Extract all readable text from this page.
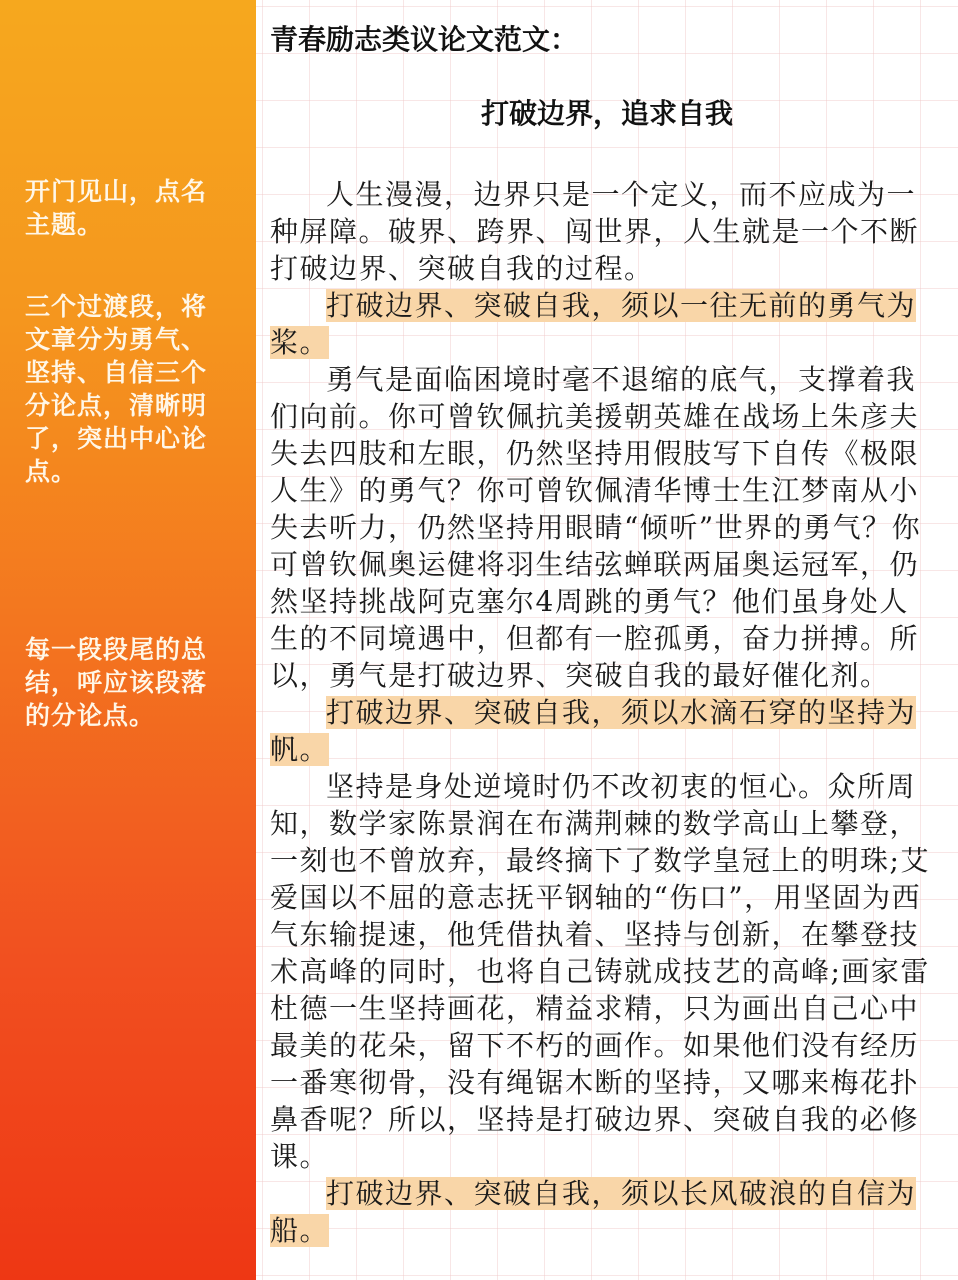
开门见山，点名主题。
三个过渡段，将文章分为勇气、坚持、自信三个分论点，清晰明了，突出中心论点。
每一段段尾的总结，呼应该段落的分论点。
青春励志类议论文范文：
打破边界，追求自我

人生漫漫，边界只是一个定义，而不应成为一种屏障。破界、跨界、闯世界，人生就是一个不断打破边界、突破自我的过程。

打破边界、突破自我，须以一往无前的勇气为桨。

勇气是面临困境时毫不退缩的底气，支撑着我们向前。你可曾钦佩抗美援朝英雄在战场上朱彦夫失去四肢和左眼，仍然坚持用假肢写下自传《极限人生》的勇气？你可曾钦佩清华博士生江梦南从小失去听力，仍然坚持用眼睛“倾听”世界的勇气？你可曾钦佩奥运健将羽生结弦蝉联两届奥运冠军，仍然坚持挑战阿克塞尔4周跳的勇气？他们虽身处人生的不同境遇中，但都有一腔孤勇，奋力拼搏。所以，勇气是打破边界、突破自我的最好催化剂。

打破边界、突破自我，须以水滴石穿的坚持为帆。

坚持是身处逆境时仍不改初衷的恒心。众所周知，数学家陈景润在布满荆棘的数学高山上攀登，一刻也不曾放弃，最终摘下了数学皇冠上的明珠;艾爱国以不屈的意志抚平钢轴的“伤口”，用坚固为西气东输提速，他凭借执着、坚持与创新，在攀登技术高峰的同时，也将自己铸就成技艺的高峰;画家雷杜德一生坚持画花，精益求精，只为画出自己心中最美的花朵，留下不朽的画作。如果他们没有经历一番寒彻骨，没有绳锯木断的坚持，又哪来梅花扑鼻香呢？所以，坚持是打破边界、突破自我的必修课。

打破边界、突破自我，须以长风破浪的自信为船。
